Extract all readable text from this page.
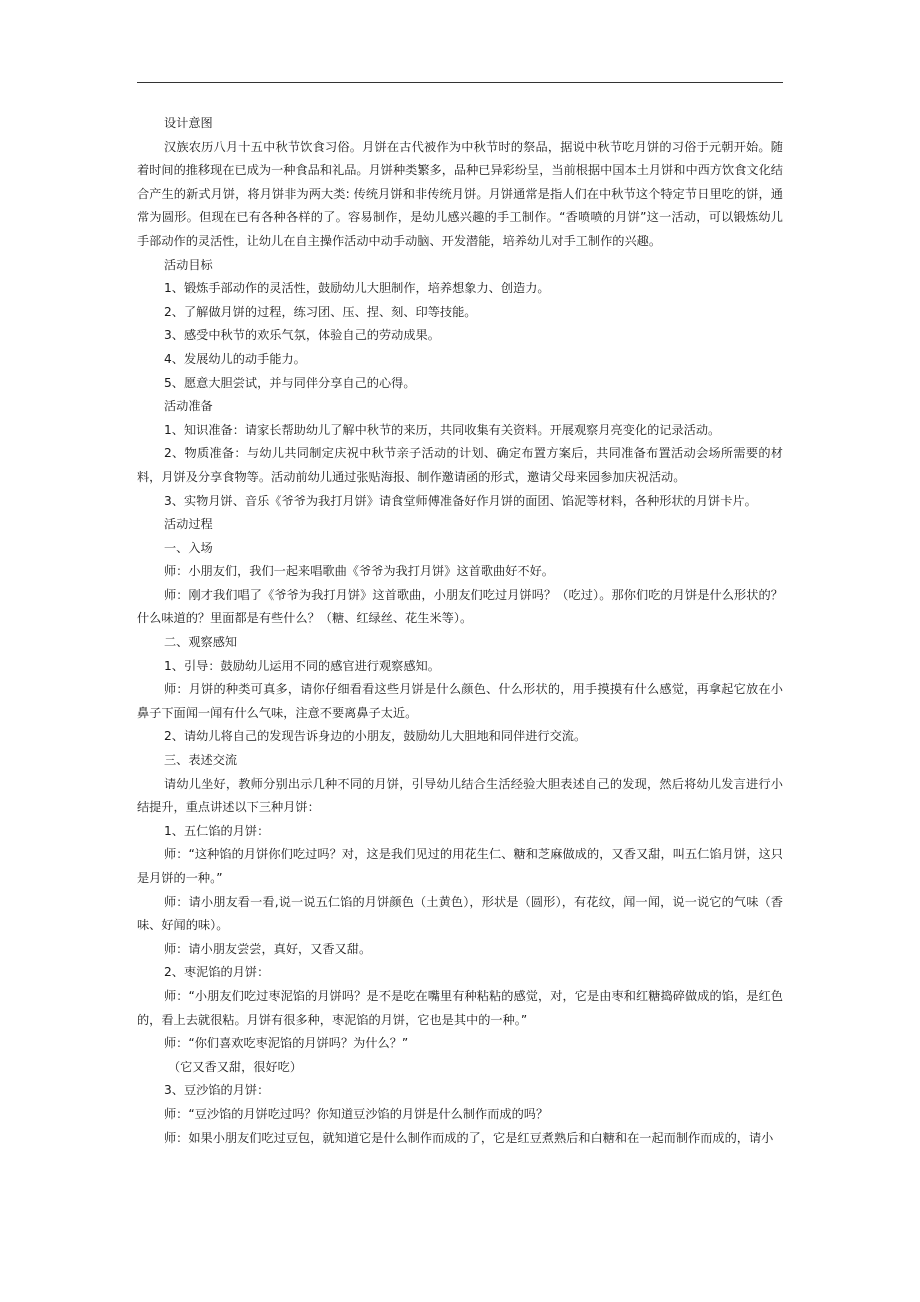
设计意图

汉族农历八月十五中秋节饮食习俗。月饼在古代被作为中秋节时的祭品，据说中秋节吃月饼的习俗于元朝开始。随着时间的推移现在已成为一种食品和礼品。月饼种类繁多，品种已异彩纷呈，当前根据中国本土月饼和中西方饮食文化结合产生的新式月饼，将月饼非为两大类: 传统月饼和非传统月饼。月饼通常是指人们在中秋节这个特定节日里吃的饼，通常为圆形。但现在已有各种各样的了。容易制作，是幼儿感兴趣的手工制作。“香喷喷的月饼”这一活动，可以锻炼幼儿手部动作的灵活性，让幼儿在自主操作活动中动手动脑、开发潜能，培养幼儿对手工制作的兴趣。

活动目标

1、锻炼手部动作的灵活性，鼓励幼儿大胆制作，培养想象力、创造力。

2、了解做月饼的过程，练习团、压、捏、刻、印等技能。

3、感受中秋节的欢乐气氛，体验自己的劳动成果。

4、发展幼儿的动手能力。

5、愿意大胆尝试，并与同伴分享自己的心得。

活动准备

1、知识准备：请家长帮助幼儿了解中秋节的来历，共同收集有关资料。开展观察月亮变化的记录活动。

2、物质准备：与幼儿共同制定庆祝中秋节亲子活动的计划、确定布置方案后，共同准备布置活动会场所需要的材料，月饼及分享食物等。活动前幼儿通过张贴海报、制作邀请函的形式，邀请父母来园参加庆祝活动。

3、实物月饼、音乐《爷爷为我打月饼》请食堂师傅准备好作月饼的面团、馅泥等材料，各种形状的月饼卡片。

活动过程

一、入场

师：小朋友们，我们一起来唱歌曲《爷爷为我打月饼》这首歌曲好不好。

师：刚才我们唱了《爷爷为我打月饼》这首歌曲，小朋友们吃过月饼吗？（吃过）。那你们吃的月饼是什么形状的？什么味道的？里面都是有些什么？（糖、红绿丝、花生米等）。

二、观察感知

1、引导：鼓励幼儿运用不同的感官进行观察感知。

师：月饼的种类可真多，请你仔细看看这些月饼是什么颜色、什么形状的，用手摸摸有什么感觉，再拿起它放在小鼻子下面闻一闻有什么气味，注意不要离鼻子太近。

2、请幼儿将自己的发现告诉身边的小朋友，鼓励幼儿大胆地和同伴进行交流。

三、表述交流

请幼儿坐好，教师分别出示几种不同的月饼，引导幼儿结合生活经验大胆表述自己的发现，然后将幼儿发言进行小结提升，重点讲述以下三种月饼：

1、五仁馅的月饼：

师：“这种馅的月饼你们吃过吗？对，这是我们见过的用花生仁、糖和芝麻做成的，又香又甜，叫五仁馅月饼，这只是月饼的一种。”

师：请小朋友看一看,说一说五仁馅的月饼颜色（土黄色），形状是（圆形），有花纹，闻一闻，说一说它的气味（香味、好闻的味）。

师：请小朋友尝尝，真好，又香又甜。

2、枣泥馅的月饼：

师：“小朋友们吃过枣泥馅的月饼吗？是不是吃在嘴里有种粘粘的感觉，对，它是由枣和红糖捣碎做成的馅，是红色的，看上去就很粘。月饼有很多种，枣泥馅的月饼，它也是其中的一种。”

师：“你们喜欢吃枣泥馅的月饼吗？为什么？”

（它又香又甜，很好吃）

3、豆沙馅的月饼：

师：“豆沙馅的月饼吃过吗？你知道豆沙馅的月饼是什么制作而成的吗？

师：如果小朋友们吃过豆包，就知道它是什么制作而成的了，它是红豆煮熟后和白糖和在一起而制作而成的，请小
